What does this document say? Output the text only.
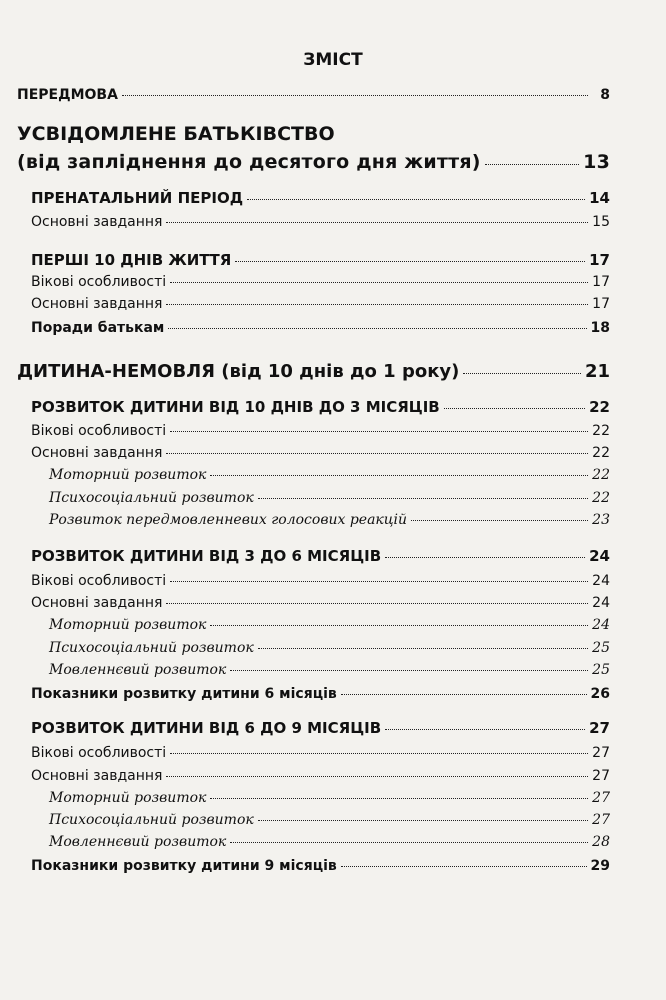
ЗМІСТ
ПЕРЕДМОВА	8
УСВІДОМЛЕНЕ БАТЬКІВСТВО
(від запліднення до десятого дня життя)	13
ПРЕНАТАЛЬНИЙ ПЕРІОД	14
Основні завдання	15
ПЕРШІ 10 ДНІВ ЖИТТЯ	17
Вікові особливості	17
Основні завдання	17
Поради батькам	18
ДИТИНА-НЕМОВЛЯ (від 10 днів до 1 року)	21
РОЗВИТОК ДИТИНИ ВІД 10 ДНІВ ДО 3 МІСЯЦІВ	22
Вікові особливості	22
Основні завдання	22
Моторний розвиток	22
Психосоціальний розвиток	22
Розвиток передмовленневих голосових реакцій	23
РОЗВИТОК ДИТИНИ ВІД 3 ДО 6 МІСЯЦІВ	24
Вікові особливості	24
Основні завдання	24
Моторний розвиток	24
Психосоціальний розвиток	25
Мовленнєвий розвиток	25
Показники розвитку дитини 6 місяців	26
РОЗВИТОК ДИТИНИ ВІД 6 ДО 9 МІСЯЦІВ	27
Вікові особливості	27
Основні завдання	27
Моторний розвиток	27
Психосоціальний розвиток	27
Мовленнєвий розвиток	28
Показники розвитку дитини 9 місяців	29
